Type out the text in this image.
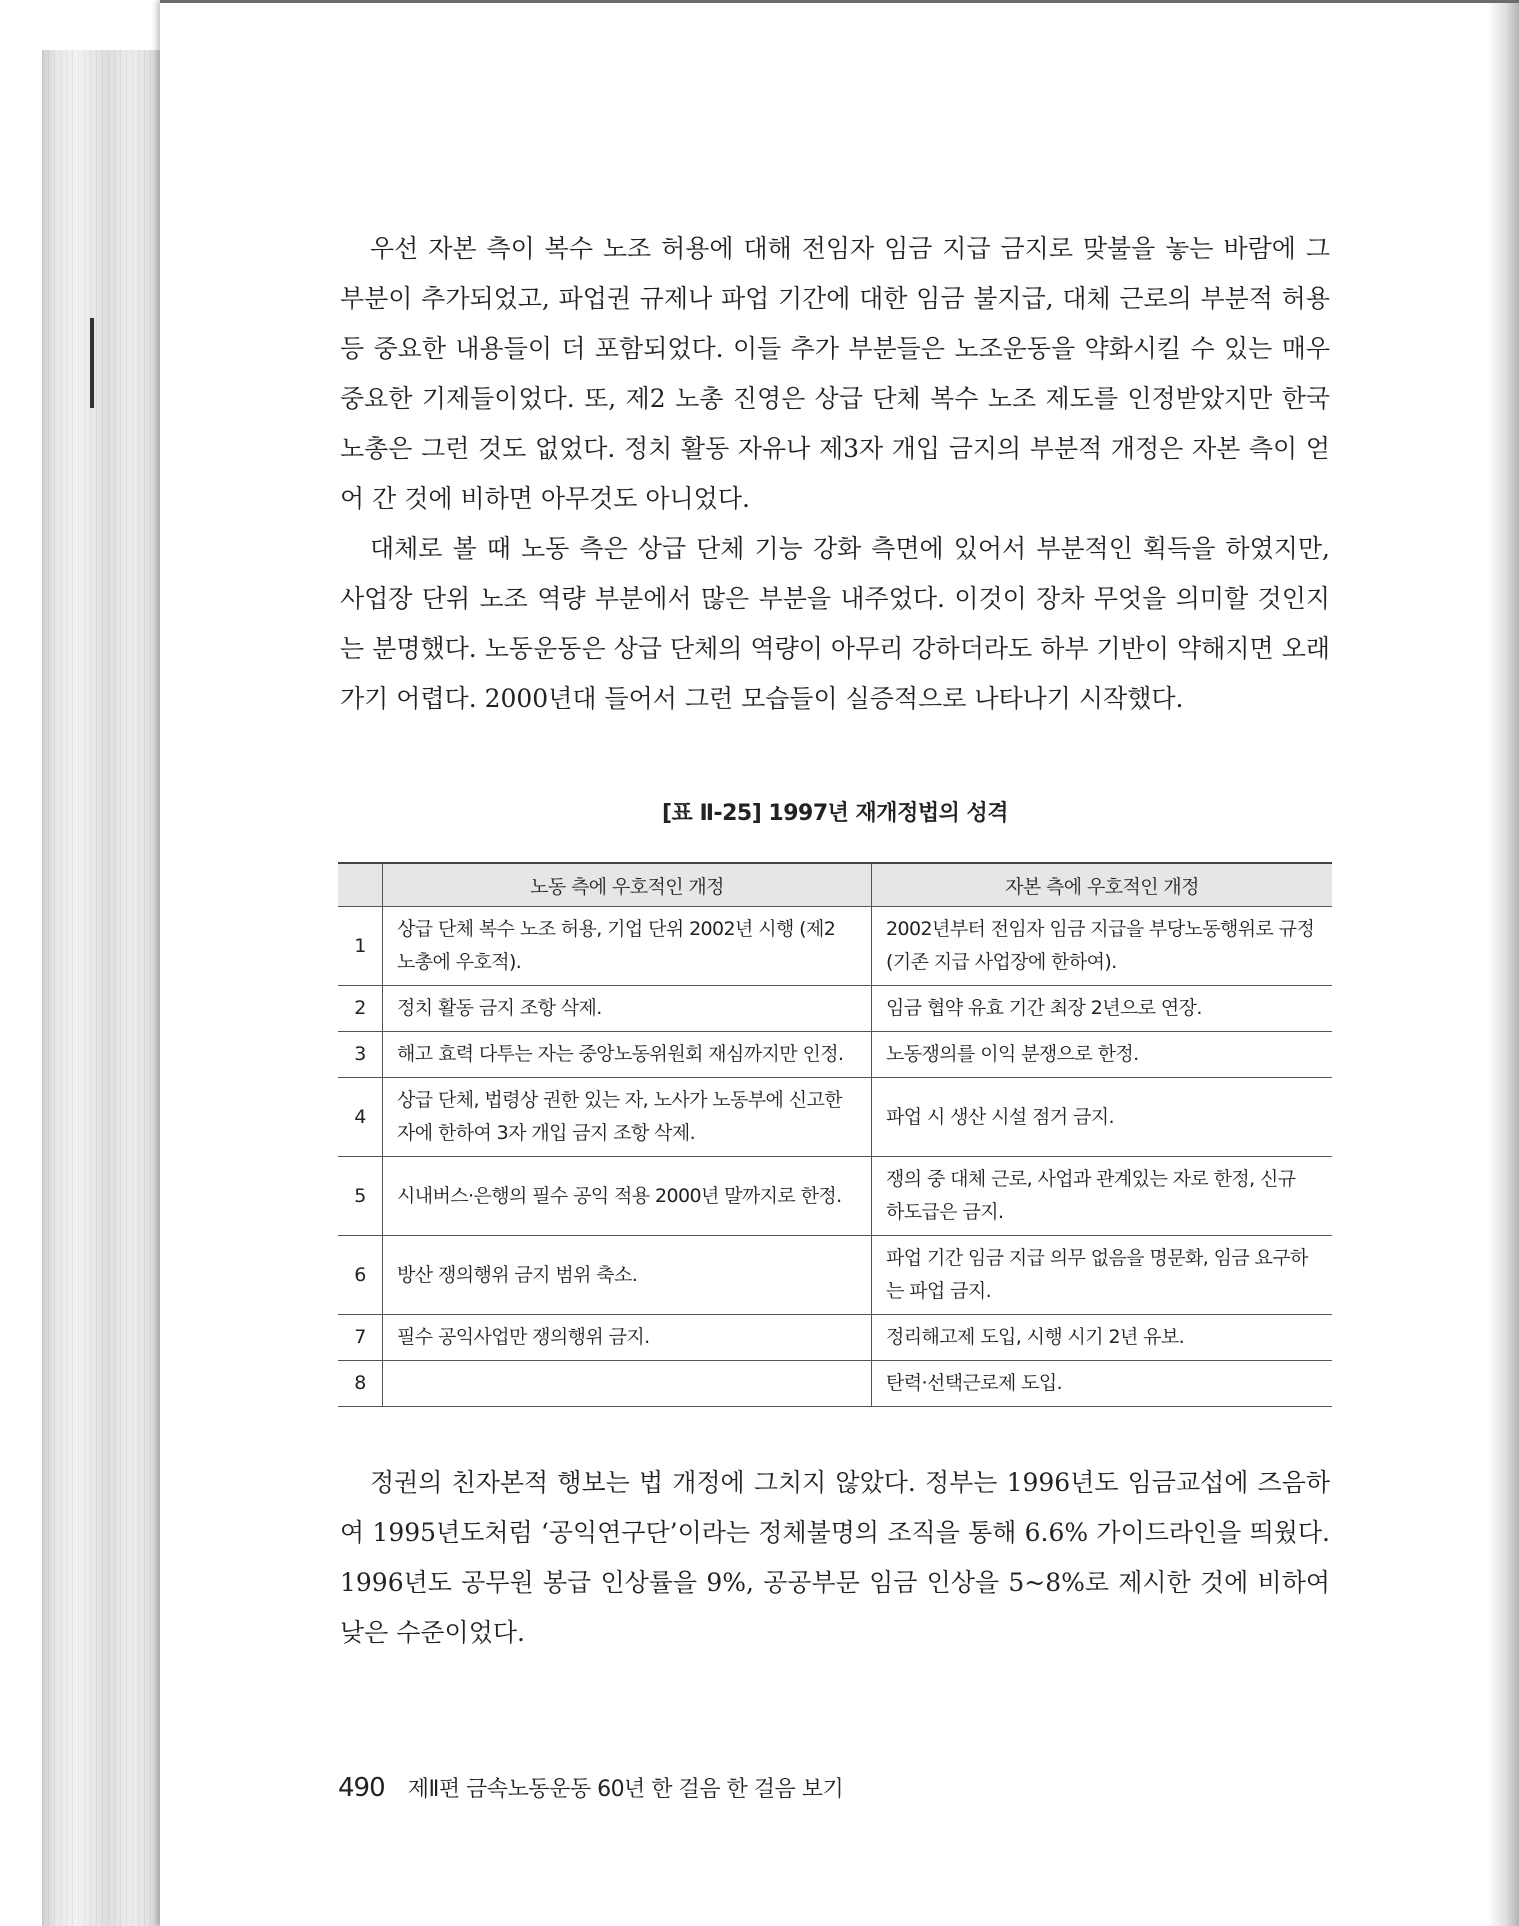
우선 자본 측이 복수 노조 허용에 대해 전임자 임금 지급 금지로 맞불을 놓는 바람에 그 부분이 추가되었고, 파업권 규제나 파업 기간에 대한 임금 불지급, 대체 근로의 부분적 허용 등 중요한 내용들이 더 포함되었다. 이들 추가 부분들은 노조운동을 약화시킬 수 있는 매우 중요한 기제들이었다. 또, 제2 노총 진영은 상급 단체 복수 노조 제도를 인정받았지만 한국노총은 그런 것도 없었다. 정치 활동 자유나 제3자 개입 금지의 부분적 개정은 자본 측이 얻어 간 것에 비하면 아무것도 아니었다.

대체로 볼 때 노동 측은 상급 단체 기능 강화 측면에 있어서 부분적인 획득을 하였지만, 사업장 단위 노조 역량 부분에서 많은 부분을 내주었다. 이것이 장차 무엇을 의미할 것인지는 분명했다. 노동운동은 상급 단체의 역량이 아무리 강하더라도 하부 기반이 약해지면 오래 가기 어렵다. 2000년대 들어서 그런 모습들이 실증적으로 나타나기 시작했다.

[표 Ⅱ-25] 1997년 재개정법의 성격
	노동 측에 우호적인 개정	자본 측에 우호적인 개정
1	상급 단체 복수 노조 허용, 기업 단위 2002년 시행 (제2 노총에 우호적).	2002년부터 전임자 임금 지급을 부당노동행위로 규정(기존 지급 사업장에 한하여).
2	정치 활동 금지 조항 삭제.	임금 협약 유효 기간 최장 2년으로 연장.
3	해고 효력 다투는 자는 중앙노동위원회 재심까지만 인정.	노동쟁의를 이익 분쟁으로 한정.
4	상급 단체, 법령상 권한 있는 자, 노사가 노동부에 신고한 자에 한하여 3자 개입 금지 조항 삭제.	파업 시 생산 시설 점거 금지.
5	시내버스·은행의 필수 공익 적용 2000년 말까지로 한정.	쟁의 중 대체 근로, 사업과 관계있는 자로 한정, 신규 하도급은 금지.
6	방산 쟁의행위 금지 범위 축소.	파업 기간 임금 지급 의무 없음을 명문화, 임금 요구하는 파업 금지.
7	필수 공익사업만 쟁의행위 금지.	정리해고제 도입, 시행 시기 2년 유보.
8		탄력·선택근로제 도입.

정권의 친자본적 행보는 법 개정에 그치지 않았다. 정부는 1996년도 임금교섭에 즈음하여 1995년도처럼 ‘공익연구단’이라는 정체불명의 조직을 통해 6.6% 가이드라인을 띄웠다. 1996년도 공무원 봉급 인상률을 9%, 공공부문 임금 인상을 5~8%로 제시한 것에 비하여 낮은 수준이었다.

490 제Ⅱ편 금속노동운동 60년 한 걸음 한 걸음 보기
